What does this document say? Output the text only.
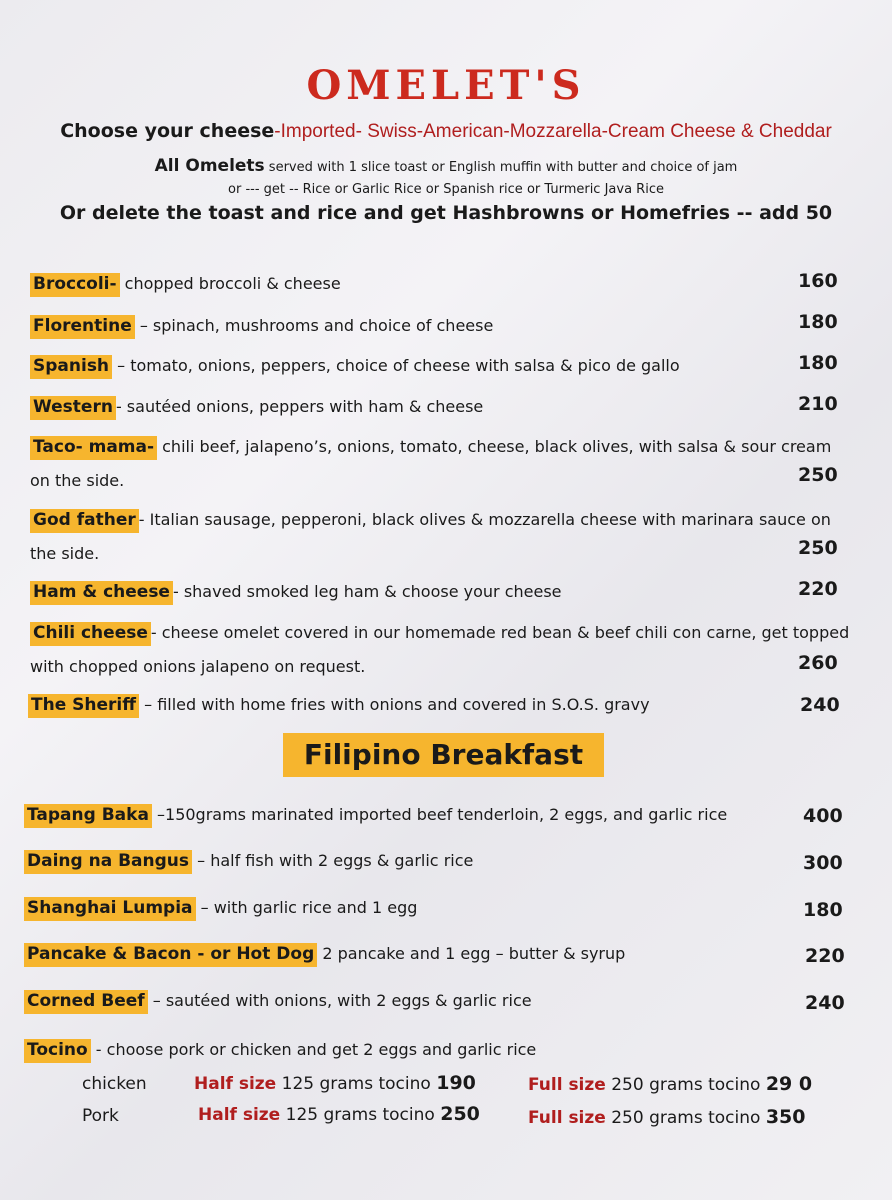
OMELET'S
Choose your cheese-Imported- Swiss-American-Mozzarella-Cream Cheese & Cheddar
All Omelets served with 1 slice toast or English muffin with butter and choice of jam
or --- get -- Rice or Garlic Rice or Spanish rice or Turmeric Java Rice
Or delete the toast and rice and get Hashbrowns or Homefries -- add 50
Broccoli- chopped broccoli & cheese	160
Florentine – spinach, mushrooms and choice of cheese	180
Spanish – tomato, onions, peppers, choice of cheese with salsa & pico de gallo	180
Western - sautéed onions, peppers with ham & cheese	210
Taco- mama- chili beef, jalapeno’s, onions, tomato, cheese, black olives, with salsa & sour cream on the side.	250
God father - Italian sausage, pepperoni, black olives & mozzarella cheese with marinara sauce on the side.	250
Ham & cheese - shaved smoked leg ham & choose your cheese	220
Chili cheese - cheese omelet covered in our homemade red bean & beef chili con carne, get topped with chopped onions jalapeno on request.	260
The Sheriff – filled with home fries with onions and covered in S.O.S. gravy	240
Filipino Breakfast
Tapang Baka –150grams marinated imported beef tenderloin, 2 eggs, and garlic rice	400
Daing na Bangus – half fish with 2 eggs & garlic rice	300
Shanghai Lumpia – with garlic rice and 1 egg	180
Pancake & Bacon - or Hot Dog 2 pancake and 1 egg – butter & syrup	220
Corned Beef – sautéed with onions, with 2 eggs & garlic rice	240
Tocino - choose pork or chicken and get 2 eggs and garlic rice
chicken	Half size 125 grams tocino 190	Full size 250 grams tocino 29 0
Pork	Half size 125 grams tocino 250	Full size 250 grams tocino 350
